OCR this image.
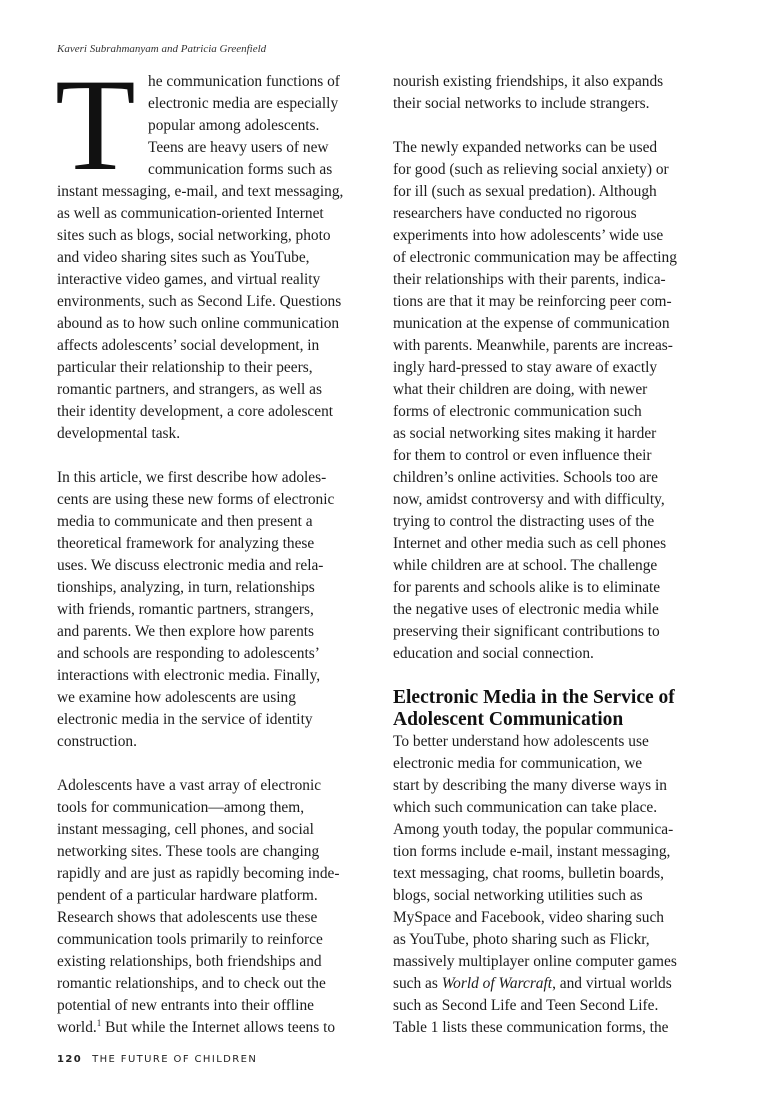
Kaveri Subrahmanyam and Patricia Greenfield
T he communication functions of
electronic media are especially
popular among adolescents.
Teens are heavy users of new
communication forms such as
instant messaging, e-mail, and text messaging,
as well as communication-oriented Internet
sites such as blogs, social networking, photo
and video sharing sites such as YouTube,
interactive video games, and virtual reality
environments, such as Second Life. Questions
abound as to how such online communication
affects adolescents’ social development, in
particular their relationship to their peers,
romantic partners, and strangers, as well as
their identity development, a core adolescent
developmental task.
In this article, we first describe how adoles-
cents are using these new forms of electronic
media to communicate and then present a
theoretical framework for analyzing these
uses. We discuss electronic media and rela-
tionships, analyzing, in turn, relationships
with friends, romantic partners, strangers,
and parents. We then explore how parents
and schools are responding to adolescents’
interactions with electronic media. Finally,
we examine how adolescents are using
electronic media in the service of identity
construction.
Adolescents have a vast array of electronic
tools for communication—among them,
instant messaging, cell phones, and social
networking sites. These tools are changing
rapidly and are just as rapidly becoming inde-
pendent of a particular hardware platform.
Research shows that adolescents use these
communication tools primarily to reinforce
existing relationships, both friendships and
romantic relationships, and to check out the
potential of new entrants into their offline
world.$^1$ But while the Internet allows teens to
nourish existing friendships, it also expands
their social networks to include strangers.
The newly expanded networks can be used
for good (such as relieving social anxiety) or
for ill (such as sexual predation). Although
researchers have conducted no rigorous
experiments into how adolescents’ wide use
of electronic communication may be affecting
their relationships with their parents, indica-
tions are that it may be reinforcing peer com-
munication at the expense of communication
with parents. Meanwhile, parents are increas-
ingly hard-pressed to stay aware of exactly
what their children are doing, with newer
forms of electronic communication such
as social networking sites making it harder
for them to control or even influence their
children’s online activities. Schools too are
now, amidst controversy and with difficulty,
trying to control the distracting uses of the
Internet and other media such as cell phones
while children are at school. The challenge
for parents and schools alike is to eliminate
the negative uses of electronic media while
preserving their significant contributions to
education and social connection.
Electronic Media in the Service of
Adolescent Communication
To better understand how adolescents use
electronic media for communication, we
start by describing the many diverse ways in
which such communication can take place.
Among youth today, the popular communica-
tion forms include e-mail, instant messaging,
text messaging, chat rooms, bulletin boards,
blogs, social networking utilities such as
MySpace and Facebook, video sharing such
as YouTube, photo sharing such as Flickr,
massively multiplayer online computer games
such as World of Warcraft, and virtual worlds
such as Second Life and Teen Second Life.
Table 1 lists these communication forms, the
120 THE FUTURE OF CHILDREN
